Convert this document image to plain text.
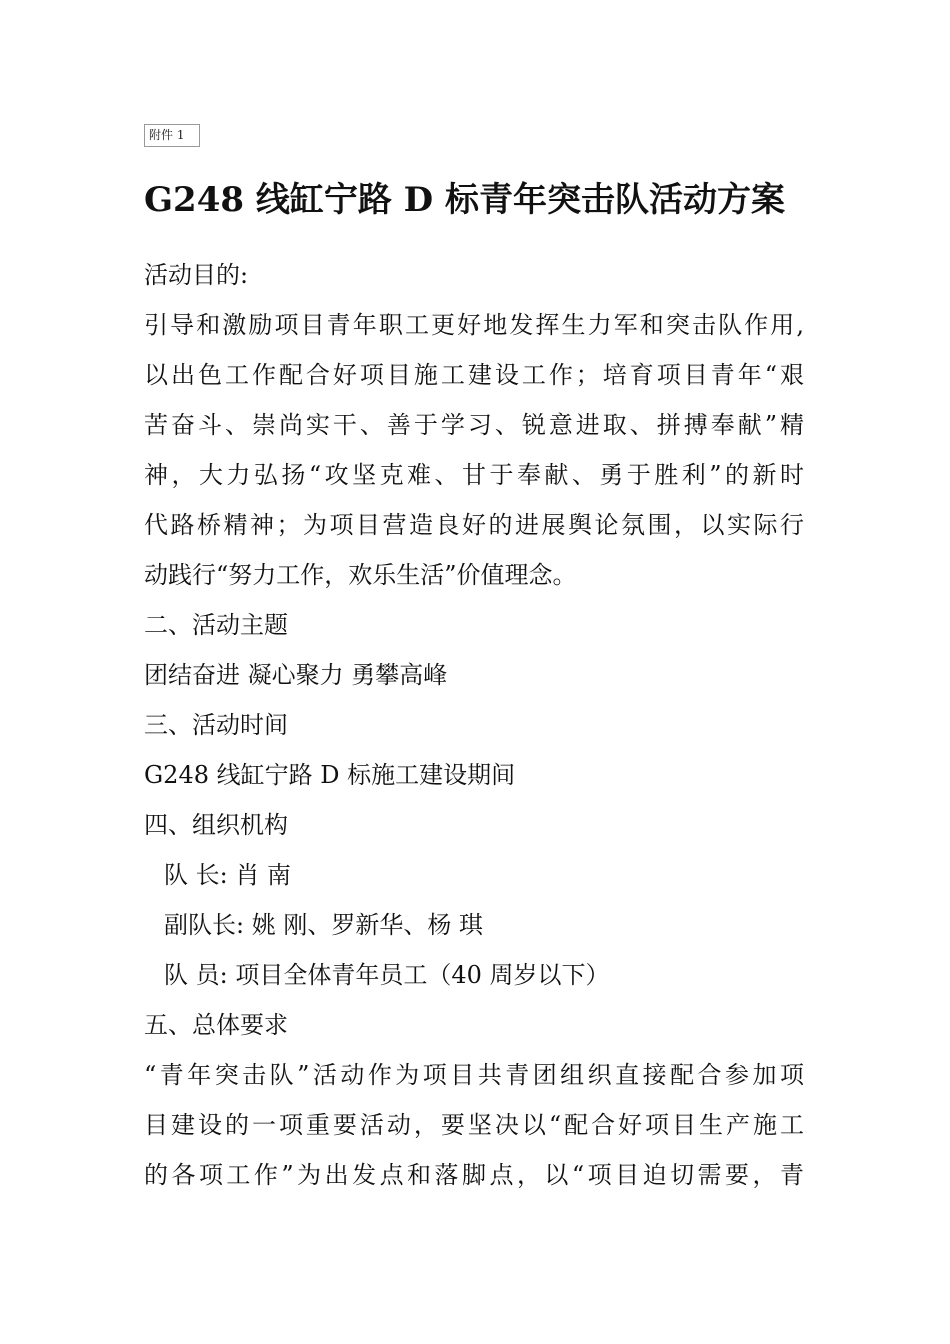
附件 1
G248 线缸宁路 D 标青年突击队活动方案
活动目的:
引导和激励项目青年职工更好地发挥生力军和突击队作用,
以出色工作配合好项目施工建设工作；培育项目青年“艰
苦奋斗、崇尚实干、善于学习、锐意进取、拼搏奉献”精
神，大力弘扬“攻坚克难、甘于奉献、勇于胜利”的新时
代路桥精神；为项目营造良好的进展舆论氛围，以实际行
动践行“努力工作，欢乐生活”价值理念。
二、活动主题
团结奋进 凝心聚力 勇攀高峰
三、活动时间
G248 线缸宁路 D 标施工建设期间
四、组织机构
队 长: 肖 南
副队长: 姚 刚、罗新华、杨 琪
队 员: 项目全体青年员工（40 周岁以下）
五、总体要求
“青年突击队”活动作为项目共青团组织直接配合参加项
目建设的一项重要活动，要坚决以“配合好项目生产施工
的各项工作”为出发点和落脚点，以“项目迫切需要，青
